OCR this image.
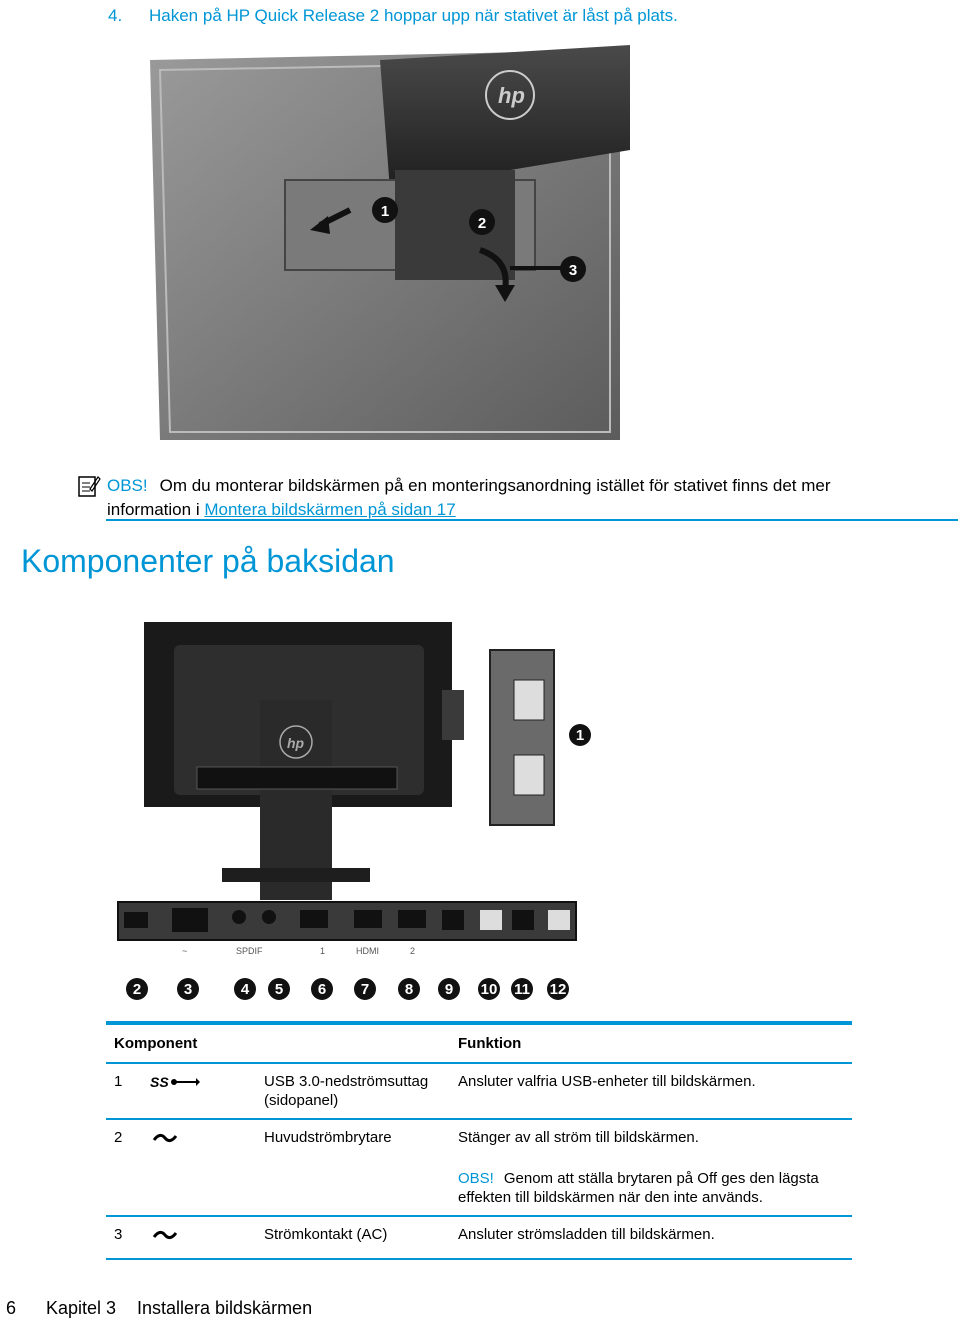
4. Haken på HP Quick Release 2 hoppar upp när stativet är låst på plats.
hp
1
2
3
OBS! Om du monterar bildskärmen på en monteringsanordning istället för stativet finns det mer
information i Montera bildskärmen på sidan 17
Komponenter på baksidan
hp	1
~	SPDIF	1	HDMI	2
2	3	4 5 6 7 8 9 10 11 12
Komponent			Funktion
1	SS	USB 3.0-nedströmsuttag (sidopanel)	Ansluter valfria USB-enheter till bildskärmen.
2		Huvudströmbrytare	Stänger av all ström till bildskärmen.
			OBS! Genom att ställa brytaren på Off ges den lägsta effekten till bildskärmen när den inte används.
3		Strömkontakt (AC)	Ansluter strömsladden till bildskärmen.
6 Kapitel 3 Installera bildskärmen
